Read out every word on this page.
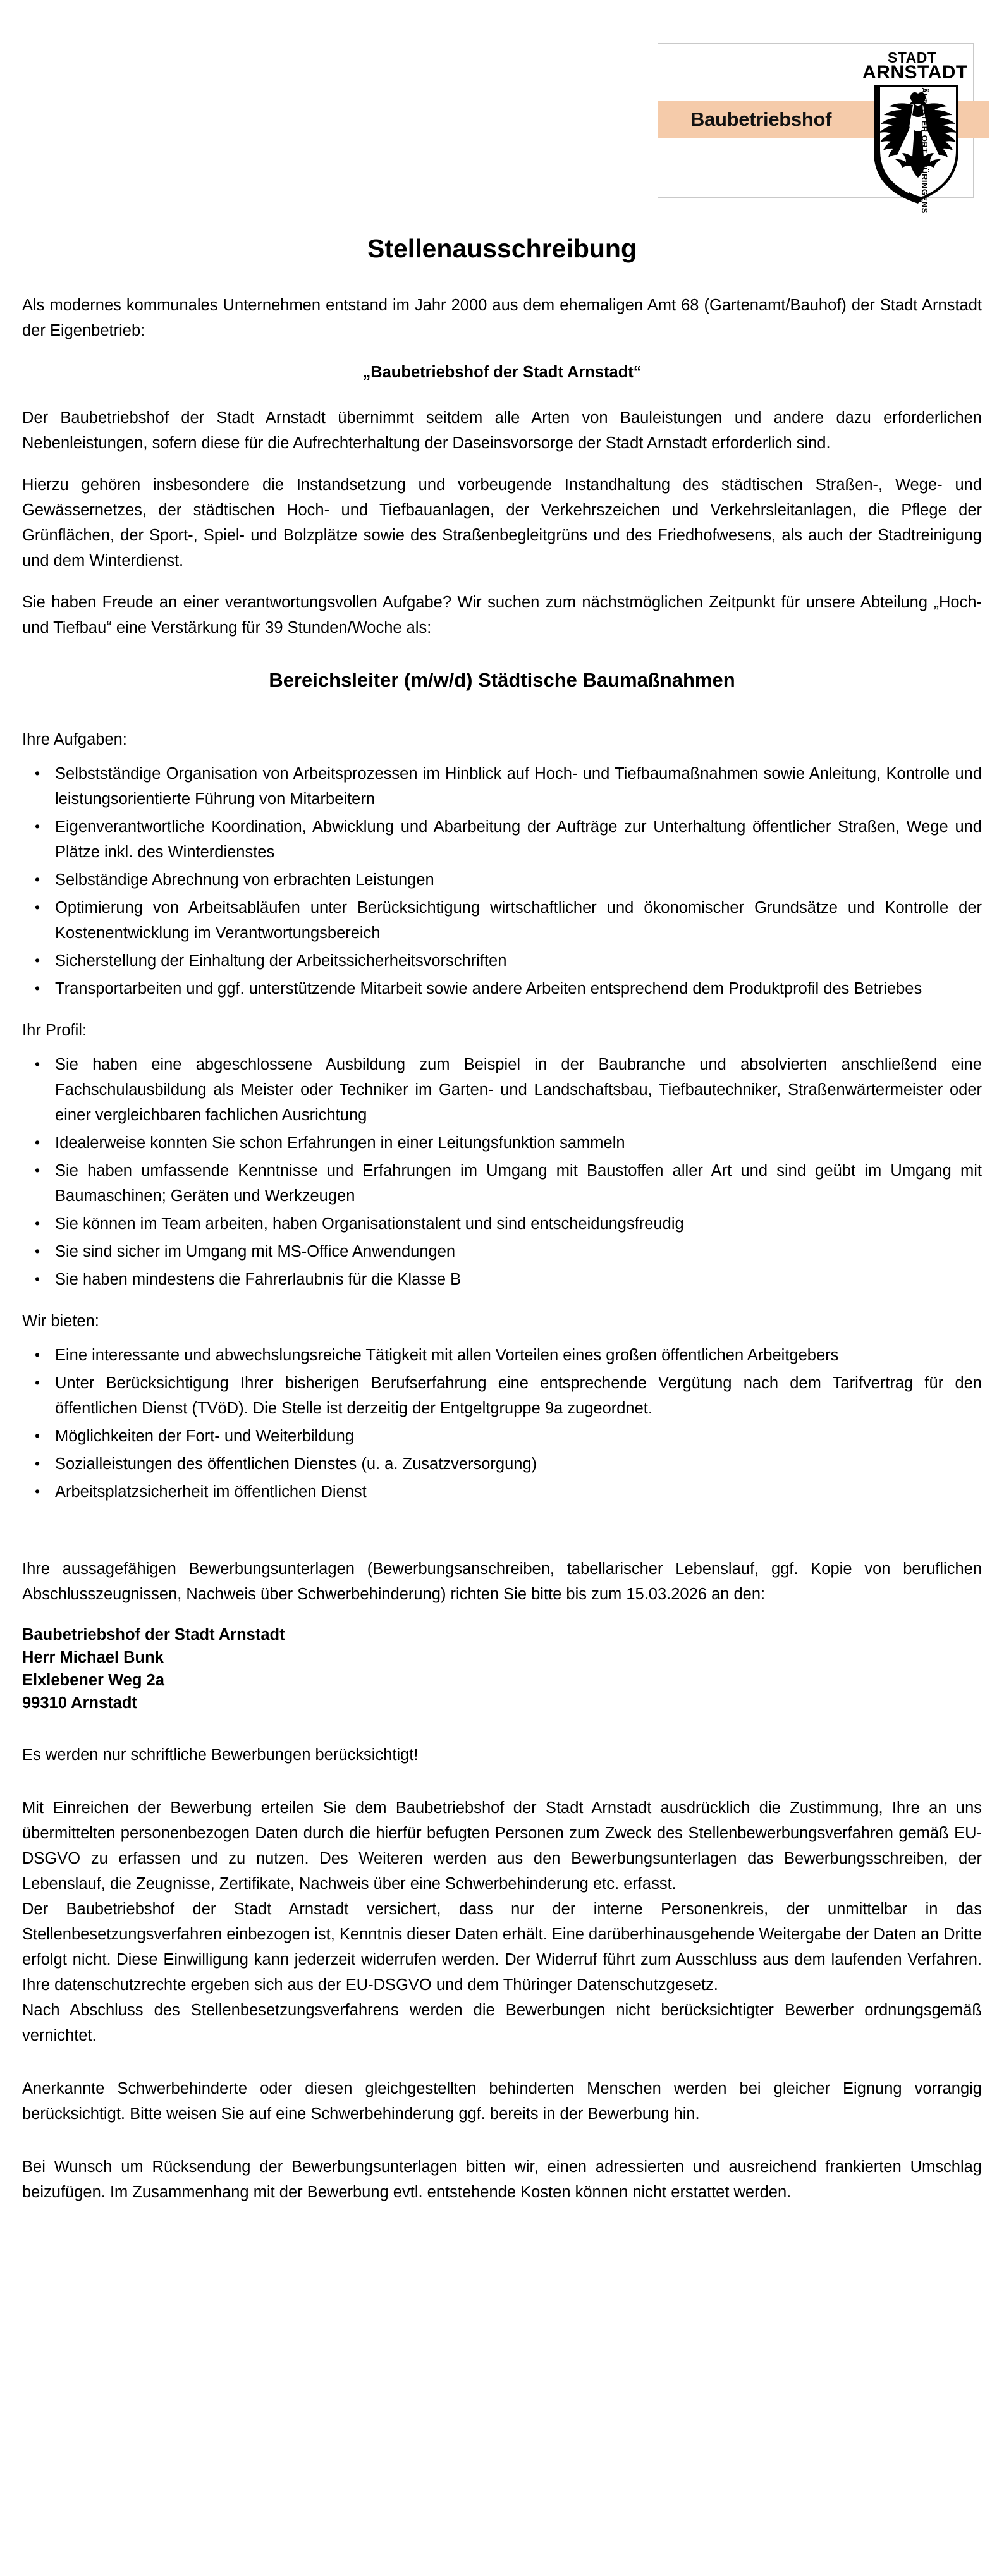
Baubetriebshof
STADT
ARNSTADT
ÄLTESTER ORT THÜRINGENS
Stellenausschreibung

Als modernes kommunales Unternehmen entstand im Jahr 2000 aus dem ehemaligen Amt 68 (Gartenamt/Bauhof) der Stadt Arnstadt der Eigenbetrieb:

„Baubetriebshof der Stadt Arnstadt“

Der Baubetriebshof der Stadt Arnstadt übernimmt seitdem alle Arten von Bauleistungen und andere dazu erforderlichen Nebenleistungen, sofern diese für die Aufrechterhaltung der Daseinsvorsorge der Stadt Arnstadt erforderlich sind.

Hierzu gehören insbesondere die Instandsetzung und vorbeugende Instandhaltung des städtischen Straßen-, Wege- und Gewässernetzes, der städtischen Hoch- und Tiefbauanlagen, der Verkehrszeichen und Verkehrsleitanlagen, die Pflege der Grünflächen, der Sport-, Spiel- und Bolzplätze sowie des Straßenbegleitgrüns und des Friedhofwesens, als auch der Stadtreinigung und dem Winterdienst.

Sie haben Freude an einer verantwortungsvollen Aufgabe? Wir suchen zum nächstmöglichen Zeitpunkt für unsere Abteilung „Hoch- und Tiefbau“ eine Verstärkung für 39 Stunden/Woche als:

Bereichsleiter (m/w/d) Städtische Baumaßnahmen

Ihre Aufgaben:

• Selbstständige Organisation von Arbeitsprozessen im Hinblick auf Hoch- und Tiefbaumaßnahmen sowie Anleitung, Kontrolle und leistungsorientierte Führung von Mitarbeitern
• Eigenverantwortliche Koordination, Abwicklung und Abarbeitung der Aufträge zur Unterhaltung öffentlicher Straßen, Wege und Plätze inkl. des Winterdienstes
• Selbständige Abrechnung von erbrachten Leistungen
• Optimierung von Arbeitsabläufen unter Berücksichtigung wirtschaftlicher und ökonomischer Grundsätze und Kontrolle der Kostenentwicklung im Verantwortungsbereich
• Sicherstellung der Einhaltung der Arbeitssicherheitsvorschriften
• Transportarbeiten und ggf. unterstützende Mitarbeit sowie andere Arbeiten entsprechend dem Produktprofil des Betriebes

Ihr Profil:

• Sie haben eine abgeschlossene Ausbildung zum Beispiel in der Baubranche und absolvierten anschließend eine Fachschulausbildung als Meister oder Techniker im Garten- und Landschaftsbau, Tiefbautechniker, Straßenwärtermeister oder einer vergleichbaren fachlichen Ausrichtung
• Idealerweise konnten Sie schon Erfahrungen in einer Leitungsfunktion sammeln
• Sie haben umfassende Kenntnisse und Erfahrungen im Umgang mit Baustoffen aller Art und sind geübt im Umgang mit Baumaschinen; Geräten und Werkzeugen
• Sie können im Team arbeiten, haben Organisationstalent und sind entscheidungsfreudig
• Sie sind sicher im Umgang mit MS-Office Anwendungen
• Sie haben mindestens die Fahrerlaubnis für die Klasse B

Wir bieten:

• Eine interessante und abwechslungsreiche Tätigkeit mit allen Vorteilen eines großen öffentlichen Arbeitgebers
• Unter Berücksichtigung Ihrer bisherigen Berufserfahrung eine entsprechende Vergütung nach dem Tarifvertrag für den öffentlichen Dienst (TVöD). Die Stelle ist derzeitig der Entgeltgruppe 9a zugeordnet.
• Möglichkeiten der Fort- und Weiterbildung
• Sozialleistungen des öffentlichen Dienstes (u. a. Zusatzversorgung)
• Arbeitsplatzsicherheit im öffentlichen Dienst

Ihre aussagefähigen Bewerbungsunterlagen (Bewerbungsanschreiben, tabellarischer Lebenslauf, ggf. Kopie von beruflichen Abschlusszeugnissen, Nachweis über Schwerbehinderung) richten Sie bitte bis zum 15.03.2026 an den:

Baubetriebshof der Stadt Arnstadt
Herr Michael Bunk
Elxlebener Weg 2a
99310 Arnstadt

Es werden nur schriftliche Bewerbungen berücksichtigt!

Mit Einreichen der Bewerbung erteilen Sie dem Baubetriebshof der Stadt Arnstadt ausdrücklich die Zustimmung, Ihre an uns übermittelten personenbezogen Daten durch die hierfür befugten Personen zum Zweck des Stellenbewerbungsverfahren gemäß EU-DSGVO zu erfassen und zu nutzen. Des Weiteren werden aus den Bewerbungsunterlagen das Bewerbungsschreiben, der Lebenslauf, die Zeugnisse, Zertifikate, Nachweis über eine Schwerbehinderung etc. erfasst.

Der Baubetriebshof der Stadt Arnstadt versichert, dass nur der interne Personenkreis, der unmittelbar in das Stellenbesetzungsverfahren einbezogen ist, Kenntnis dieser Daten erhält. Eine darüberhinausgehende Weitergabe der Daten an Dritte erfolgt nicht. Diese Einwilligung kann jederzeit widerrufen werden. Der Widerruf führt zum Ausschluss aus dem laufenden Verfahren. Ihre datenschutzrechte ergeben sich aus der EU-DSGVO und dem Thüringer Datenschutzgesetz.

Nach Abschluss des Stellenbesetzungsverfahrens werden die Bewerbungen nicht berücksichtigter Bewerber ordnungsgemäß vernichtet.

Anerkannte Schwerbehinderte oder diesen gleichgestellten behinderten Menschen werden bei gleicher Eignung vorrangig berücksichtigt. Bitte weisen Sie auf eine Schwerbehinderung ggf. bereits in der Bewerbung hin.

Bei Wunsch um Rücksendung der Bewerbungsunterlagen bitten wir, einen adressierten und ausreichend frankierten Umschlag beizufügen. Im Zusammenhang mit der Bewerbung evtl. entstehende Kosten können nicht erstattet werden.
